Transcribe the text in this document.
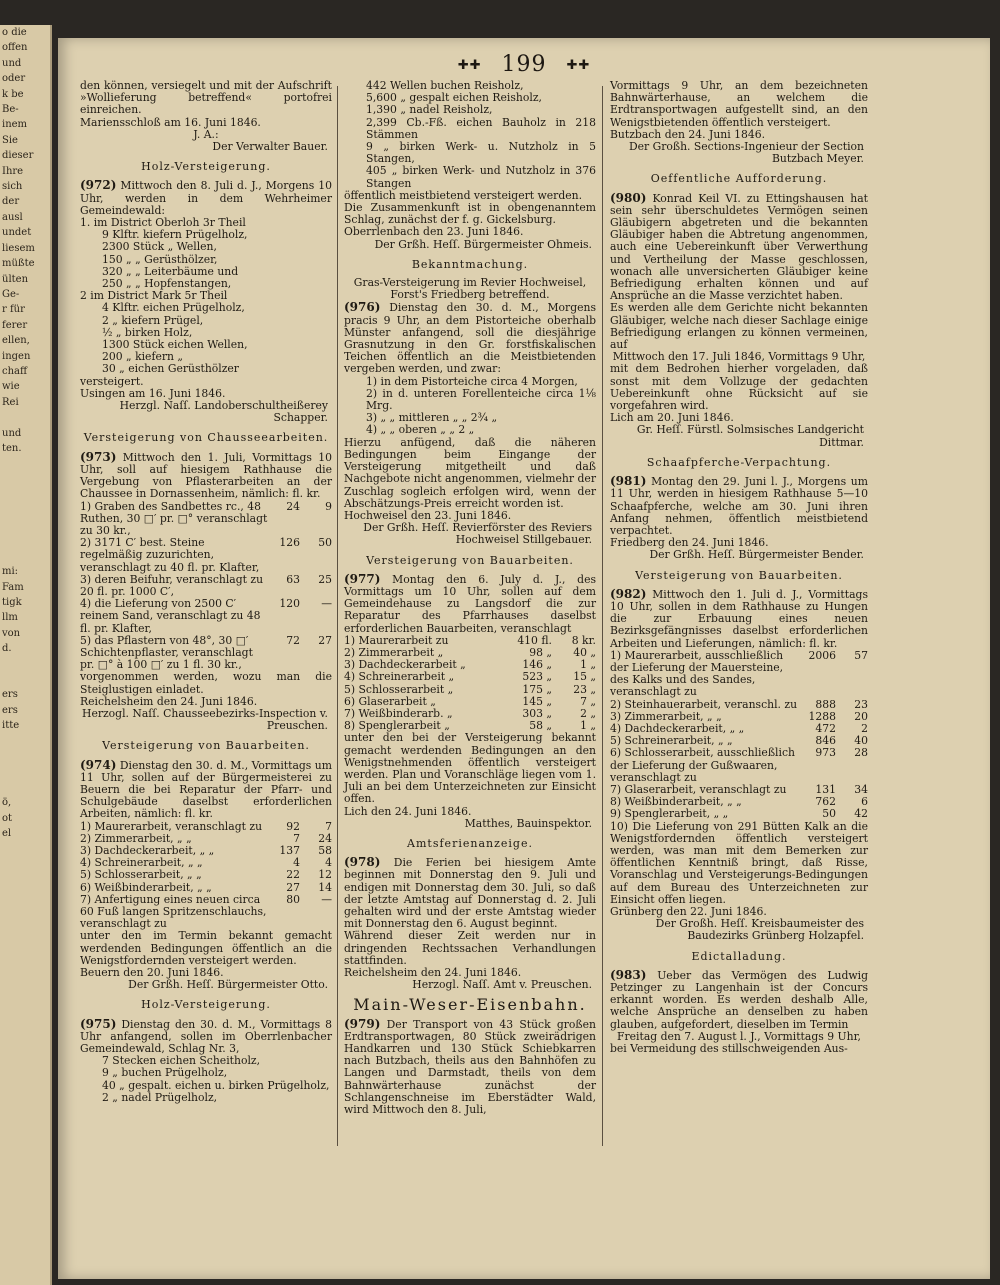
o die
offen
und
oder
k be
Be-
inem
Sie
dieser
Ihre
sich
der
ausl
undet
liesem
müßte
ülten
Ge-
r für
ferer
ellen,
ingen
chaff
wie
Rei

und
ten.

mi:
Fam
tigk
llm
von
d.

ers
ers
itte

ö,
ot
el
✚✚ 199 ✚✚

den können, versiegelt und mit der Aufschrift »Wollieferung betreffend« portofrei einreichen.

Mariensschloß am 16. Juni 1846.

J. A.:

Der Verwalter Bauer.

Holz-Versteigerung.

(972) Mittwoch den 8. Juli d. J., Morgens 10 Uhr, werden in dem Wehrheimer Gemeindewald:

1. im District Oberloh 3r Theil

9 Klftr. kiefern Prügelholz,

2300 Stück „ Wellen,

150 „ „ Gerüsthölzer,

320 „ „ Leiterbäume und

250 „ „ Hopfenstangen,

2 im District Mark 5r Theil

4 Klftr. eichen Prügelholz,

2 „ kiefern Prügel,

½ „ birken Holz,

1300 Stück eichen Wellen,

200 „ kiefern „

30 „ eichen Gerüsthölzer

versteigert.

Usingen am 16. Juni 1846.

Herzgl. Naſſ. Landoberschultheißerey Schapper.

Versteigerung von Chausseearbeiten.

(973) Mittwoch den 1. Juli, Vormittags 10 Uhr, soll auf hiesigem Rathhause die Vergebung von Pflasterarbeiten an der Chaussee in Dornassenheim, nämlich: fl. kr.

1) Graben des Sandbettes rc., 48 Ruthen, 30 □′ pr. □° veranschlagt zu 30 kr.,	24	9
2) 3171 C′ best. Steine regelmäßig zuzurichten, veranschlagt zu 40 fl. pr. Klafter,	126	50
3) deren Beifuhr, veranschlagt zu 20 fl. pr. 1000 C′,	63	25
4) die Lieferung von 2500 C′ reinem Sand, veranschlagt zu 48 fl. pr. Klafter,	120	—
5) das Pflastern von 48°, 30 □′ Schichtenpflaster, veranschlagt pr. □° à 100 □′ zu 1 fl. 30 kr.,	72	27

vorgenommen werden, wozu man die Steiglustigen einladet.

Reichelsheim den 24. Juni 1846.

Herzogl. Naſſ. Chausseebezirks-Inspection v. Preuschen.

Versteigerung von Bauarbeiten.

(974) Dienstag den 30. d. M., Vormittags um 11 Uhr, sollen auf der Bürgermeisterei zu Beuern die bei Reparatur der Pfarr- und Schulgebäude daselbst erforderlichen Arbeiten, nämlich: fl. kr.

1) Maurerarbeit, veranschlagt zu	92	7
2) Zimmerarbeit, „ „	7	24
3) Dachdeckerarbeit, „ „	137	58
4) Schreinerarbeit, „ „	4	4
5) Schlosserarbeit, „ „	22	12
6) Weißbinderarbeit, „ „	27	14
7) Anfertigung eines neuen circa 60 Fuß langen Spritzenschlauchs, veranschlagt zu	80	—

unter den im Termin bekannt gemacht werdenden Bedingungen öffentlich an die Wenigstfordernden versteigert werden.

Beuern den 20. Juni 1846.

Der Grßh. Heſſ. Bürgermeister Otto.

Holz-Versteigerung.

(975) Dienstag den 30. d. M., Vormittags 8 Uhr anfangend, sollen im Oberrlenbacher Gemeindewald, Schlag Nr. 3,

7 Stecken eichen Scheitholz,

9 „ buchen Prügelholz,

40 „ gespalt. eichen u. birken Prügelholz,

2 „ nadel Prügelholz,

442 Wellen buchen Reisholz,

5,600 „ gespalt eichen Reisholz,

1,390 „ nadel Reisholz,

2,399 Cb.-Fß. eichen Bauholz in 218 Stämmen

9 „ birken Werk- u. Nutzholz in 5 Stangen,

405 „ birken Werk- und Nutzholz in 376 Stangen

öffentlich meistbietend versteigert werden.

Die Zusammenkunft ist in obengenanntem Schlag, zunächst der f. g. Gickelsburg.

Oberrlenbach den 23. Juni 1846.

Der Grßh. Heſſ. Bürgermeister Ohmeis.

Bekanntmachung.

Gras-Versteigerung im Revier Hochweisel, Forst's Friedberg betreffend.

(976) Dienstag den 30. d. M., Morgens pracis 9 Uhr, an dem Pistorteiche oberhalb Münster anfangend, soll die diesjährige Grasnutzung in den Gr. forstfiskalischen Teichen öffentlich an die Meistbietenden vergeben werden, und zwar:

1) in dem Pistorteiche circa 4 Morgen,

2) in d. unteren Forellenteiche circa 1⅛ Mrg.

3) „ „ mittleren „ „ 2¾ „

4) „ „ oberen „ „ 2 „

Hierzu anfügend, daß die näheren Bedingungen beim Eingange der Versteigerung mitgetheilt und daß Nachgebote nicht angenommen, vielmehr der Zuschlag sogleich erfolgen wird, wenn der Abschätzungs-Preis erreicht worden ist.

Hochweisel den 23. Juni 1846.

Der Grßh. Heſſ. Revierförster des Reviers Hochweisel Stillgebauer.

Versteigerung von Bauarbeiten.

(977) Montag den 6. July d. J., des Vormittags um 10 Uhr, sollen auf dem Gemeindehause zu Langsdorf die zur Reparatur des Pfarrhauses daselbst erforderlichen Bauarbeiten, veranschlagt

1) Maurerarbeit zu	410 fl.	8 kr.
2) Zimmerarbeit „	98 „	40 „
3) Dachdeckerarbeit „	146 „	1 „
4) Schreinerarbeit „	523 „	15 „
5) Schlosserarbeit „	175 „	23 „
6) Glaserarbeit „	145 „	7 „
7) Weißbinderarb. „	303 „	2 „
8) Spenglerarbeit „	58 „	1 „

unter den bei der Versteigerung bekannt gemacht werdenden Bedingungen an den Wenigstnehmenden öffentlich versteigert werden. Plan und Voranschläge liegen vom 1. Juli an bei dem Unterzeichneten zur Einsicht offen.

Lich den 24. Juni 1846.

Matthes, Bauinspektor.

Amtsferienanzeige.

(978) Die Ferien bei hiesigem Amte beginnen mit Donnerstag den 9. Juli und endigen mit Donnerstag dem 30. Juli, so daß der letzte Amtstag auf Donnerstag d. 2. Juli gehalten wird und der erste Amtstag wieder mit Donnerstag den 6. August beginnt.

Während dieser Zeit werden nur in dringenden Rechtssachen Verhandlungen stattfinden.

Reichelsheim den 24. Juni 1846.

Herzogl. Naſſ. Amt v. Preuschen.

Main-Weser-Eisenbahn.

(979) Der Transport von 43 Stück großen Erdtransportwagen, 80 Stück zweirädrigen Handkarren und 130 Stück Schiebkarren nach Butzbach, theils aus den Bahnhöfen zu Langen und Darmstadt, theils von dem Bahnwärterhause zunächst der Schlangenschneise im Eberstädter Wald, wird Mittwoch den 8. Juli,

Vormittags 9 Uhr, an dem bezeichneten Bahnwärterhause, an welchem die Erdtransportwagen aufgestellt sind, an den Wenigstbietenden öffentlich versteigert.

Butzbach den 24. Juni 1846.

Der Großh. Sections-Ingenieur der Section Butzbach Meyer.

Oeffentliche Aufforderung.

(980) Konrad Keil VI. zu Ettingshausen hat sein sehr überschuldetes Vermögen seinen Gläubigern abgetreten und die bekannten Gläubiger haben die Abtretung angenommen, auch eine Uebereinkunft über Verwerthung und Vertheilung der Masse geschlossen, wonach alle unversicherten Gläubiger keine Befriedigung erhalten können und auf Ansprüche an die Masse verzichtet haben.

Es werden alle dem Gerichte nicht bekannten Gläubiger, welche nach dieser Sachlage einige Befriedigung erlangen zu können vermeinen, auf

Mittwoch den 17. Juli 1846, Vormittags 9 Uhr,

mit dem Bedrohen hierher vorgeladen, daß sonst mit dem Vollzuge der gedachten Uebereinkunft ohne Rücksicht auf sie vorgefahren wird.

Lich am 20. Juni 1846.

Gr. Heſſ. Fürstl. Solmsisches Landgericht Dittmar.

Schaafpferche-Verpachtung.

(981) Montag den 29. Juni l. J., Morgens um 11 Uhr, werden in hiesigem Rathhause 5—10 Schaafpferche, welche am 30. Juni ihren Anfang nehmen, öffentlich meistbietend verpachtet.

Friedberg den 24. Juni 1846.

Der Grßh. Heſſ. Bürgermeister Bender.

Versteigerung von Bauarbeiten.

(982) Mittwoch den 1. Juli d. J., Vormittags 10 Uhr, sollen in dem Rathhause zu Hungen die zur Erbauung eines neuen Bezirksgefängnisses daselbst erforderlichen Arbeiten und Lieferungen, nämlich: fl. kr.

1) Maurerarbeit, ausschließlich der Lieferung der Mauersteine, des Kalks und des Sandes, veranschlagt zu	2006	57
2) Steinhauerarbeit, veranschl. zu	888	23
3) Zimmerarbeit, „ „	1288	20
4) Dachdeckerarbeit, „ „	472	2
5) Schreinerarbeit, „ „	846	40
6) Schlosserarbeit, ausschließlich der Lieferung der Gußwaaren, veranschlagt zu	973	28
7) Glaserarbeit, veranschlagt zu	131	34
8) Weißbinderarbeit, „ „	762	6
9) Spenglerarbeit, „ „	50	42

10) Die Lieferung von 291 Bütten Kalk an die Wenigstfordernden öffentlich versteigert werden, was man mit dem Bemerken zur öffentlichen Kenntniß bringt, daß Risse, Voranschlag und Versteigerungs-Bedingungen auf dem Bureau des Unterzeichneten zur Einsicht offen liegen.

Grünberg den 22. Juni 1846.

Der Großh. Heſſ. Kreisbaumeister des Baudezirks Grünberg Holzapfel.

Edictalladung.

(983) Ueber das Vermögen des Ludwig Petzinger zu Langenhain ist der Concurs erkannt worden. Es werden deshalb Alle, welche Ansprüche an denselben zu haben glauben, aufgefordert, dieselben im Termin

Freitag den 7. August l. J., Vormittags 9 Uhr,

bei Vermeidung des stillschweigenden Aus-
